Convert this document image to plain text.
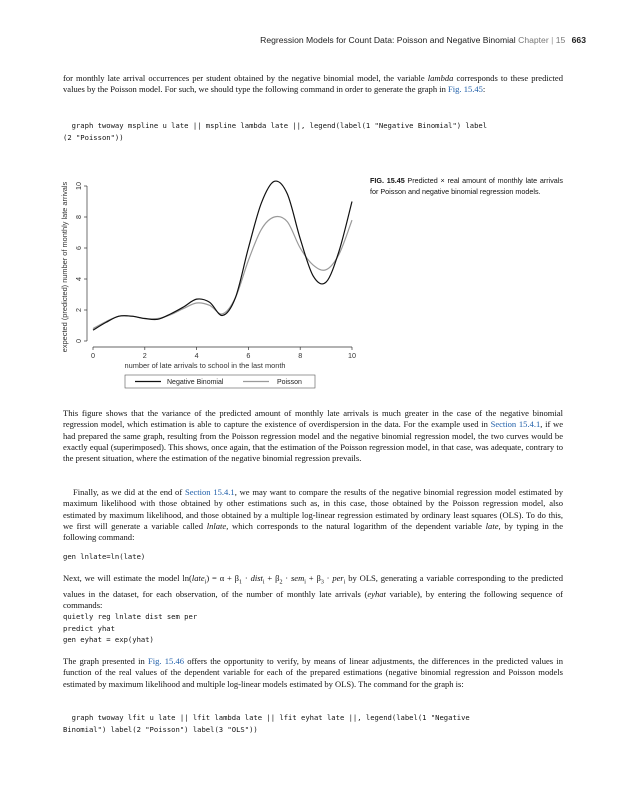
Regression Models for Count Data: Poisson and Negative Binomial Chapter | 15 663

for monthly late arrival occurrences per student obtained by the negative binomial model, the variable lambda corresponds to these predicted values by the Poisson model. For such, we should type the following command in order to generate the graph in Fig. 15.45:

graph twoway mspline u late || mspline lambda late ||, legend(label(1 "Negative Binomial") label
(2 "Poisson"))
expected (predicted) number of monthly late arrivals 0
2
4
6
8
10
0	2	4	6	8	10
number of late arrivals to school in the last month
Negative Binomial	Poisson

FIG. 15.45 Predicted × real amount of monthly late arrivals for Poisson and negative binomial regression models.

This figure shows that the variance of the predicted amount of monthly late arrivals is much greater in the case of the negative binomial regression model, which estimation is able to capture the existence of overdispersion in the data. For the example used in Section 15.4.1, if we had prepared the same graph, resulting from the Poisson regression model and the negative binomial regression model, the two curves would be exactly equal (superimposed). This shows, once again, that the estimation of the Poisson regression model, in that case, was adequate, contrary to the present situation, where the estimation of the negative binomial regression prevails.

Finally, as we did at the end of Section 15.4.1, we may want to compare the results of the negative binomial regression model estimated by maximum likelihood with those obtained by other estimations such as, in this case, those obtained by the Poisson regression model, also estimated by maximum likelihood, and those obtained by a multiple log-linear regression estimated by ordinary least squares (OLS). To do this, we first will generate a variable called lnlate, which corresponds to the natural logarithm of the dependent variable late, by typing in the following command:

gen lnlate=ln(late)

Next, we will estimate the model ln(late$_i$) = $\alpha + \beta_1$ · dist$_i$ + $\beta_2 \cdot sem_i + \beta_3 \cdot per_i$ by OLS, generating a variable corresponding to the predicted values in the dataset, for each observation, of the number of monthly late arrivals (eyhat variable), by entering the following sequence of commands:

quietly reg lnlate dist sem per
predict yhat
gen eyhat = exp(yhat)

The graph presented in Fig. 15.46 offers the opportunity to verify, by means of linear adjustments, the differences in the predicted values in function of the real values of the dependent variable for each of the prepared estimations (negative binomial regression and Poisson models estimated by maximum likelihood and multiple log-linear models estimated by OLS). The command for the graph is:

graph twoway lfit u late || lfit lambda late || lfit eyhat late ||, legend(label(1 "Negative
Binomial") label(2 "Poisson") label(3 "OLS"))
